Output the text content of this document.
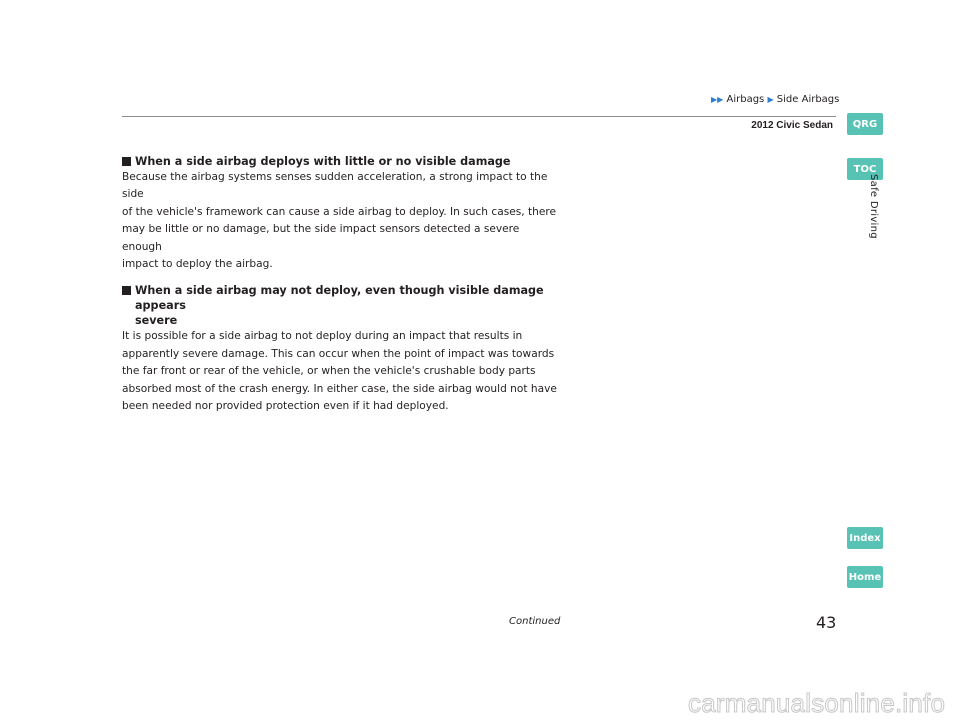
▶▶ Airbags ▶ Side Airbags
2012 Civic Sedan	QRG
TOC
Safe Driving
Index
Home

When a side airbag deploys with little or no visible damage

Because the airbag systems senses sudden acceleration, a strong impact to the side
of the vehicle's framework can cause a side airbag to deploy. In such cases, there
may be little or no damage, but the side impact sensors detected a severe enough
impact to deploy the airbag.

When a side airbag may not deploy, even though visible damage appears
severe

It is possible for a side airbag to not deploy during an impact that results in
apparently severe damage. This can occur when the point of impact was towards
the far front or rear of the vehicle, or when the vehicle's crushable body parts
absorbed most of the crash energy. In either case, the side airbag would not have
been needed nor provided protection even if it had deployed.

Continued	43
carmanualsonline.info
